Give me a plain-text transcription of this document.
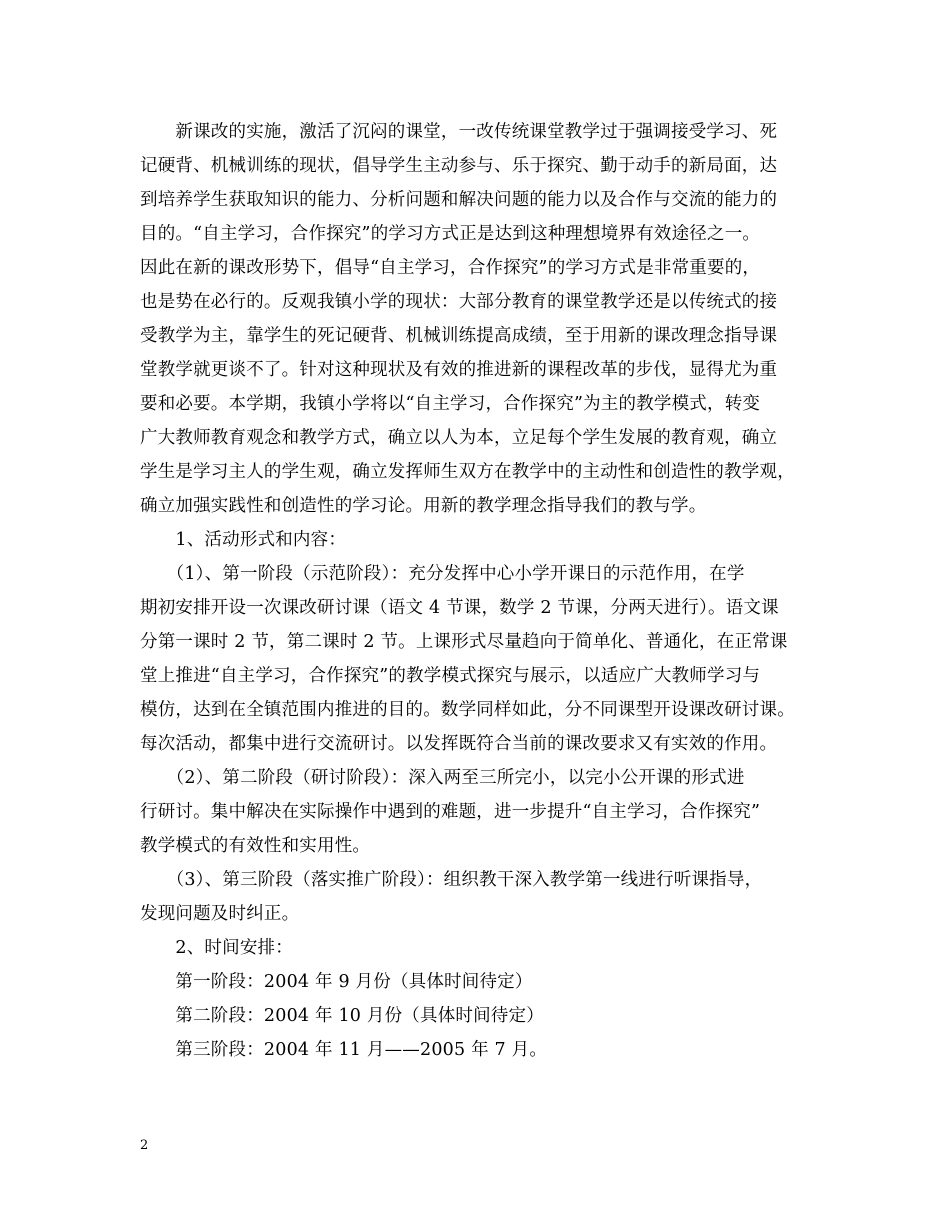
　　新课改的实施，激活了沉闷的课堂，一改传统课堂教学过于强调接受学习、死
记硬背、机械训练的现状，倡导学生主动参与、乐于探究、勤于动手的新局面，达
到培养学生获取知识的能力、分析问题和解决问题的能力以及合作与交流的能力的
目的。“自主学习，合作探究”的学习方式正是达到这种理想境界有效途径之一。
因此在新的课改形势下，倡导“自主学习，合作探究”的学习方式是非常重要的，
也是势在必行的。反观我镇小学的现状：大部分教育的课堂教学还是以传统式的接
受教学为主，靠学生的死记硬背、机械训练提高成绩，至于用新的课改理念指导课
堂教学就更谈不了。针对这种现状及有效的推进新的课程改革的步伐，显得尤为重
要和必要。本学期，我镇小学将以“自主学习，合作探究”为主的教学模式，转变
广大教师教育观念和教学方式，确立以人为本，立足每个学生发展的教育观，确立
学生是学习主人的学生观，确立发挥师生双方在教学中的主动性和创造性的教学观，
确立加强实践性和创造性的学习论。用新的教学理念指导我们的教与学。
　　1、活动形式和内容：
　　（1）、第一阶段（示范阶段）：充分发挥中心小学开课日的示范作用，在学
期初安排开设一次课改研讨课（语文 4 节课，数学 2 节课，分两天进行）。语文课
分第一课时 2 节，第二课时 2 节。上课形式尽量趋向于简单化、普通化，在正常课
堂上推进“自主学习，合作探究”的教学模式探究与展示，以适应广大教师学习与
模仿，达到在全镇范围内推进的目的。数学同样如此，分不同课型开设课改研讨课。
每次活动，都集中进行交流研讨。以发挥既符合当前的课改要求又有实效的作用。
　　（2）、第二阶段（研讨阶段）：深入两至三所完小，以完小公开课的形式进
行研讨。集中解决在实际操作中遇到的难题，进一步提升“自主学习，合作探究”
教学模式的有效性和实用性。
　　（3）、第三阶段（落实推广阶段）：组织教干深入教学第一线进行听课指导，
发现问题及时纠正。
　　2、时间安排：
　　第一阶段：2004 年 9 月份（具体时间待定）
　　第二阶段：2004 年 10 月份（具体时间待定）
　　第三阶段：2004 年 11 月——2005 年 7 月。
2
